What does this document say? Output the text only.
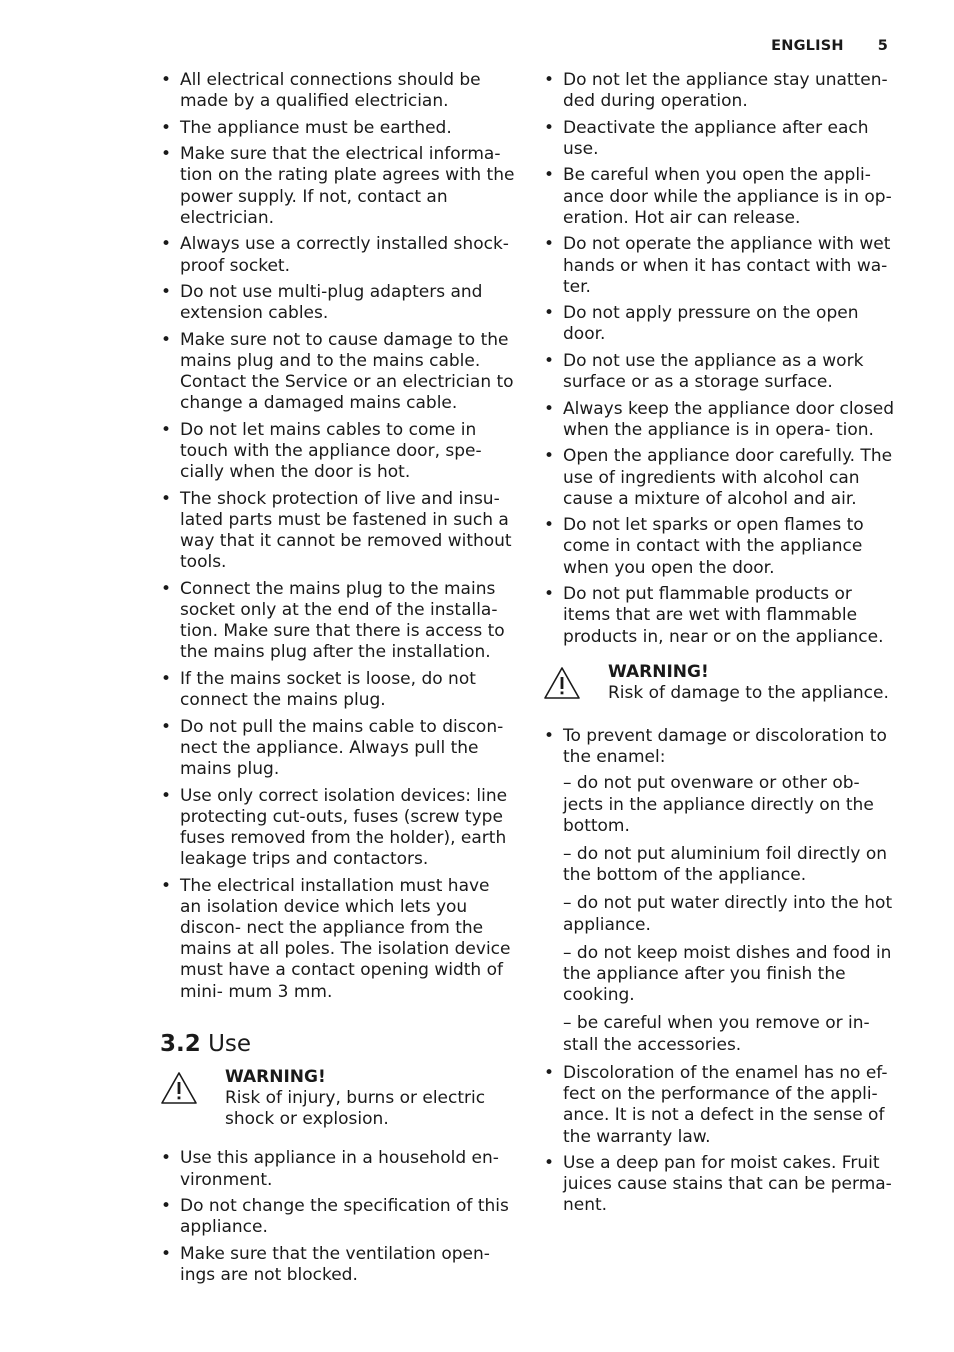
ENGLISH 5
• All electrical connections should be made by a qualified electrician.
• The appliance must be earthed.
• Make sure that the electrical informa- tion on the rating plate agrees with the power supply. If not, contact an electrician.
• Always use a correctly installed shock- proof socket.
• Do not use multi-plug adapters and extension cables.
• Make sure not to cause damage to the mains plug and to the mains cable. Contact the Service or an electrician to change a damaged mains cable.
• Do not let mains cables to come in touch with the appliance door, spe- cially when the door is hot.
• The shock protection of live and insu- lated parts must be fastened in such a way that it cannot be removed without tools.
• Connect the mains plug to the mains socket only at the end of the installa- tion. Make sure that there is access to the mains plug after the installation.
• If the mains socket is loose, do not connect the mains plug.
• Do not pull the mains cable to discon- nect the appliance. Always pull the mains plug.
• Use only correct isolation devices: line protecting cut-outs, fuses (screw type fuses removed from the holder), earth leakage trips and contactors.
• The electrical installation must have an isolation device which lets you discon- nect the appliance from the mains at all poles. The isolation device must have a contact opening width of mini- mum 3 mm.
3.2 Use
WARNING!
Risk of injury, burns or electric shock or explosion.
• Use this appliance in a household en- vironment.
• Do not change the specification of this appliance.
• Make sure that the ventilation open- ings are not blocked.
• Do not let the appliance stay unatten- ded during operation.
• Deactivate the appliance after each use.
• Be careful when you open the appli- ance door while the appliance is in op- eration. Hot air can release.
• Do not operate the appliance with wet hands or when it has contact with wa- ter.
• Do not apply pressure on the open door.
• Do not use the appliance as a work surface or as a storage surface.
• Always keep the appliance door closed when the appliance is in opera- tion.
• Open the appliance door carefully. The use of ingredients with alcohol can cause a mixture of alcohol and air.
• Do not let sparks or open flames to come in contact with the appliance when you open the door.
• Do not put flammable products or items that are wet with flammable products in, near or on the appliance.
WARNING!
Risk of damage to the appliance.
• To prevent damage or discoloration to the enamel:
– do not put ovenware or other ob- jects in the appliance directly on the bottom.
– do not put aluminium foil directly on the bottom of the appliance.
– do not put water directly into the hot appliance.
– do not keep moist dishes and food in the appliance after you finish the cooking.
– be careful when you remove or in- stall the accessories.
• Discoloration of the enamel has no ef- fect on the performance of the appli- ance. It is not a defect in the sense of the warranty law.
• Use a deep pan for moist cakes. Fruit juices cause stains that can be perma- nent.
